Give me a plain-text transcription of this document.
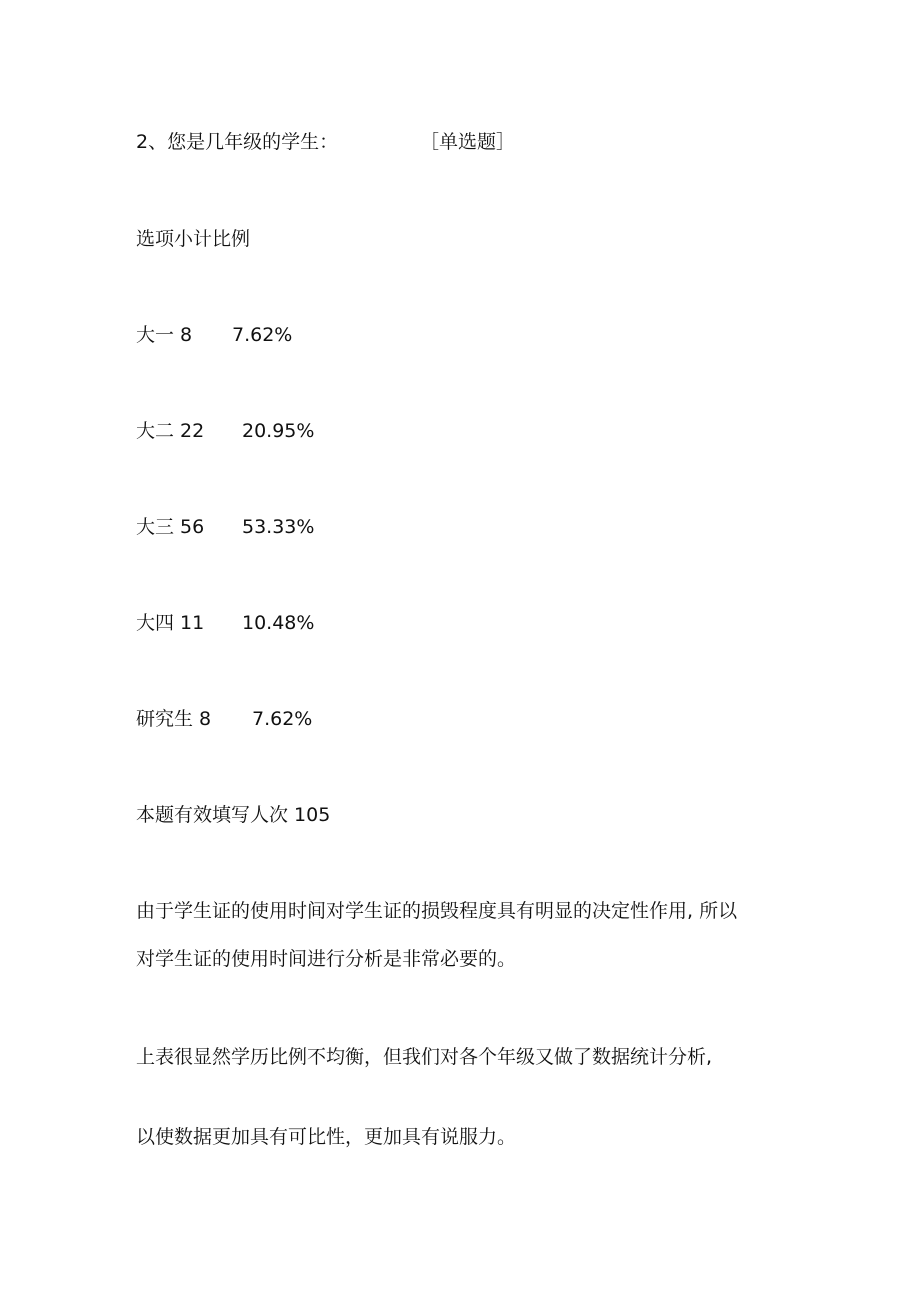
2、您是几年级的学生：	［单选题］
选项小计比例
大一 8 7.62%
大二 22 20.95%
大三 56 53.33%
大四 11 10.48%
研究生 8 7.62%
本题有效填写人次 105
由于学生证的使用时间对学生证的损毁程度具有明显的决定性作用, 所以
对学生证的使用时间进行分析是非常必要的。
上表很显然学历比例不均衡，但我们对各个年级又做了数据统计分析,
以使数据更加具有可比性，更加具有说服力。
